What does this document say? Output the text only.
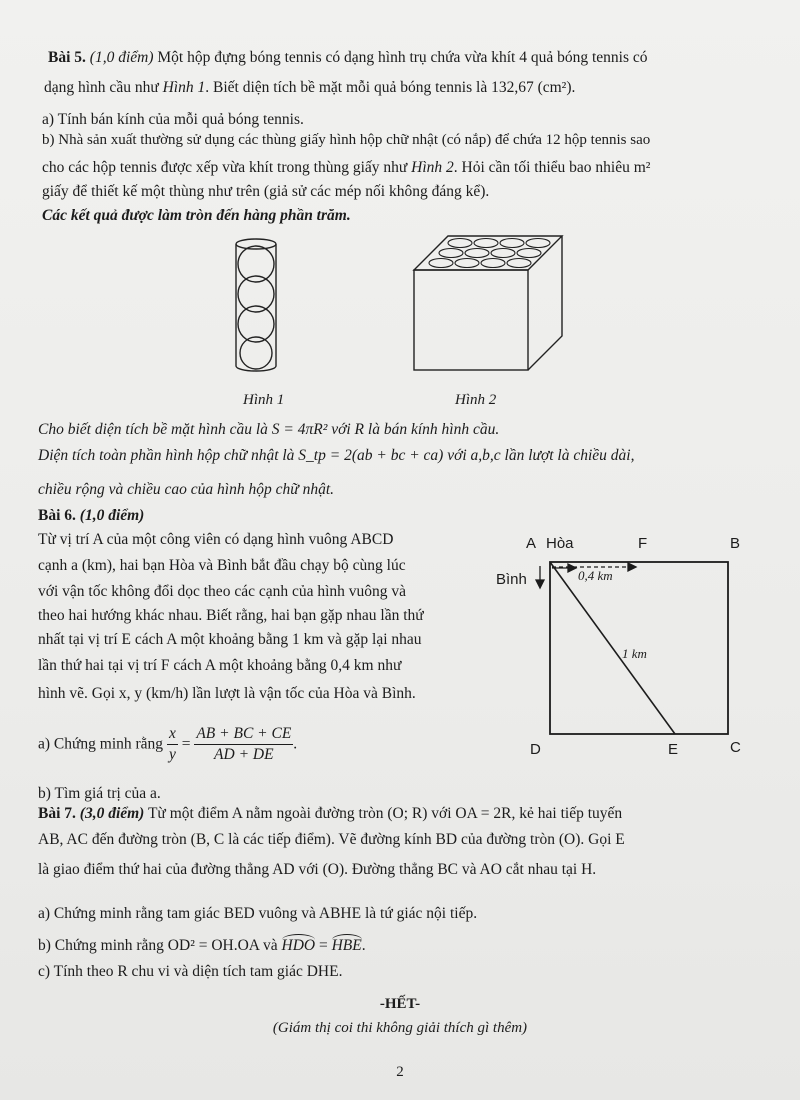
Bài 5. (1,0 điểm) Một hộp đựng bóng tennis có dạng hình trụ chứa vừa khít 4 quả bóng tennis có
dạng hình cầu như Hình 1. Biết diện tích bề mặt mỗi quả bóng tennis là 132,67 (cm²).
a) Tính bán kính của mỗi quả bóng tennis.
b) Nhà sản xuất thường sử dụng các thùng giấy hình hộp chữ nhật (có nắp) để chứa 12 hộp tennis sao
cho các hộp tennis được xếp vừa khít trong thùng giấy như Hình 2. Hỏi cần tối thiểu bao nhiêu m²
giấy để thiết kế một thùng như trên (giả sử các mép nối không đáng kể).
Các kết quả được làm tròn đến hàng phần trăm.
Hình 1	Hình 2
Cho biết diện tích bề mặt hình cầu là S = 4πR² với R là bán kính hình cầu.
Diện tích toàn phần hình hộp chữ nhật là S_tp = 2(ab + bc + ca) với a,b,c lần lượt là chiều dài,
chiều rộng và chiều cao của hình hộp chữ nhật.
Bài 6. (1,0 điểm)
Từ vị trí A của một công viên có dạng hình vuông ABCD
cạnh a (km), hai bạn Hòa và Bình bắt đầu chạy bộ cùng lúc
với vận tốc không đổi dọc theo các cạnh của hình vuông và
theo hai hướng khác nhau. Biết rằng, hai bạn gặp nhau lần thứ
nhất tại vị trí E cách A một khoảng bằng 1 km và gặp lại nhau
lần thứ hai tại vị trí F cách A một khoảng bằng 0,4 km như
hình vẽ. Gọi x, y (km/h) lần lượt là vận tốc của Hòa và Bình.
a) Chứng minh rằng $\frac{x}{y} = \frac{AB + BC + CE}{AD + DE}$ .
b) Tìm giá trị của a.
A Hòa	F	B
Bình
D	E	C
0,4 km
1 km
Bài 7. (3,0 điểm) Từ một điểm A nằm ngoài đường tròn (O; R) với OA = 2R, kẻ hai tiếp tuyến
AB, AC đến đường tròn (B, C là các tiếp điểm). Vẽ đường kính BD của đường tròn (O). Gọi E
là giao điểm thứ hai của đường thẳng AD với (O). Đường thẳng BC và AO cắt nhau tại H.
a) Chứng minh rằng tam giác BED vuông và ABHE là tứ giác nội tiếp.
b) Chứng minh rằng OD² = OH.OA và HDO = HBE.
c) Tính theo R chu vi và diện tích tam giác DHE.
-HẾT-
(Giám thị coi thi không giải thích gì thêm)
2
